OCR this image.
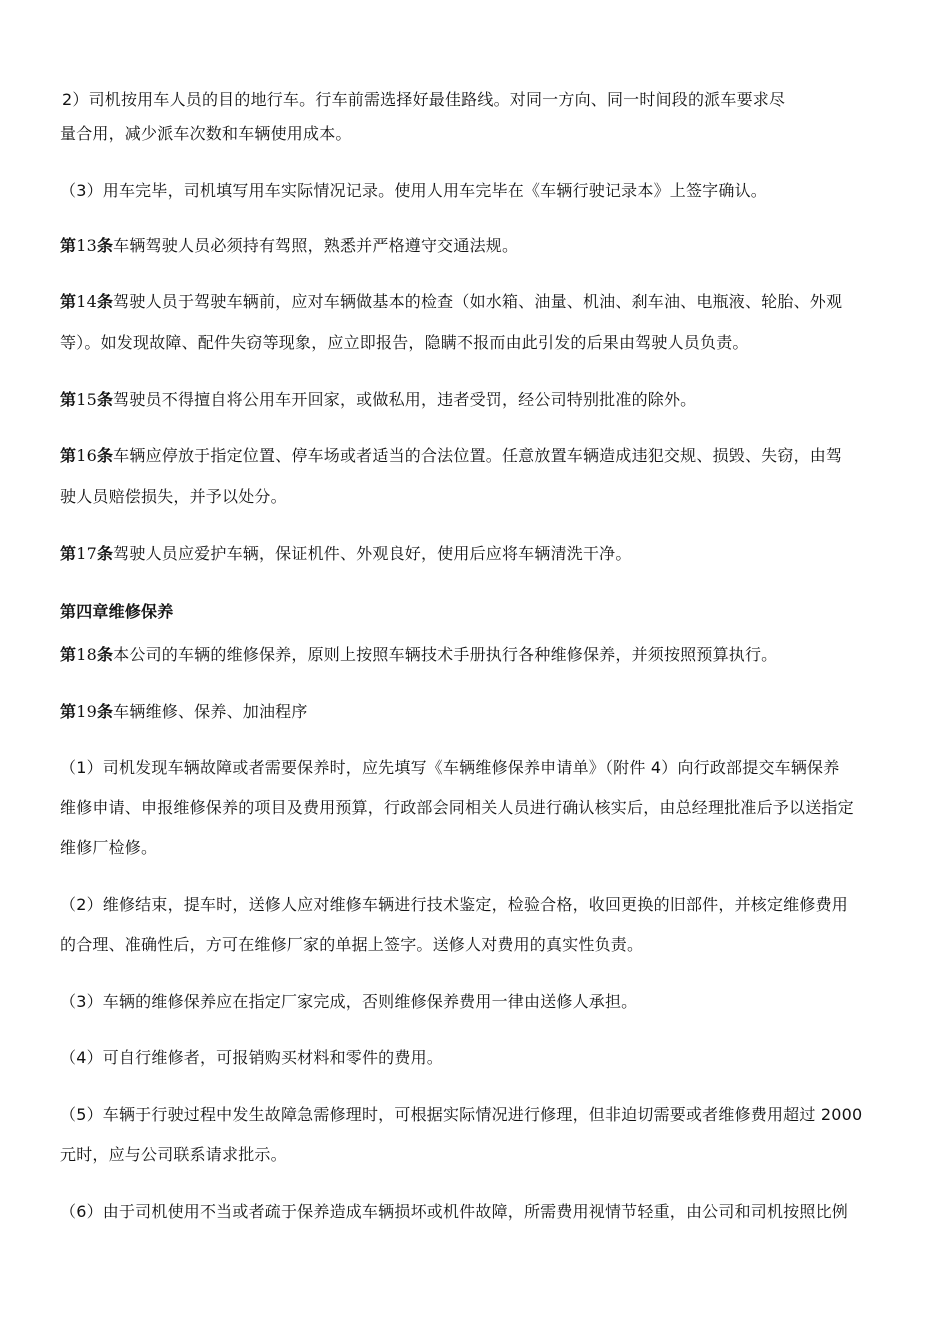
2）司机按用车人员的目的地行车。行车前需选择好最佳路线。对同一方向、同一时间段的派车要求尽
量合用，减少派车次数和车辆使用成本。
（3）用车完毕，司机填写用车实际情况记录。使用人用车完毕在《车辆行驶记录本》上签字确认。
第13条车辆驾驶人员必须持有驾照，熟悉并严格遵守交通法规。
第14条驾驶人员于驾驶车辆前，应对车辆做基本的检查（如水箱、油量、机油、刹车油、电瓶液、轮胎、外观
等）。如发现故障、配件失窃等现象，应立即报告，隐瞒不报而由此引发的后果由驾驶人员负责。
第15条驾驶员不得擅自将公用车开回家，或做私用，违者受罚，经公司特别批准的除外。
第16条车辆应停放于指定位置、停车场或者适当的合法位置。任意放置车辆造成违犯交规、损毁、失窃，由驾
驶人员赔偿损失，并予以处分。
第17条驾驶人员应爱护车辆，保证机件、外观良好，使用后应将车辆清洗干净。
第四章维修保养
第18条本公司的车辆的维修保养，原则上按照车辆技术手册执行各种维修保养，并须按照预算执行。
第19条车辆维修、保养、加油程序
（1）司机发现车辆故障或者需要保养时，应先填写《车辆维修保养申请单》（附件 4）向行政部提交车辆保养
维修申请、申报维修保养的项目及费用预算，行政部会同相关人员进行确认核实后，由总经理批准后予以送指定
维修厂检修。
（2）维修结束，提车时，送修人应对维修车辆进行技术鉴定，检验合格，收回更换的旧部件，并核定维修费用
的合理、准确性后，方可在维修厂家的单据上签字。送修人对费用的真实性负责。
（3）车辆的维修保养应在指定厂家完成，否则维修保养费用一律由送修人承担。
（4）可自行维修者，可报销购买材料和零件的费用。
（5）车辆于行驶过程中发生故障急需修理时，可根据实际情况进行修理，但非迫切需要或者维修费用超过 2000
元时，应与公司联系请求批示。
（6）由于司机使用不当或者疏于保养造成车辆损坏或机件故障，所需费用视情节轻重，由公司和司机按照比例
